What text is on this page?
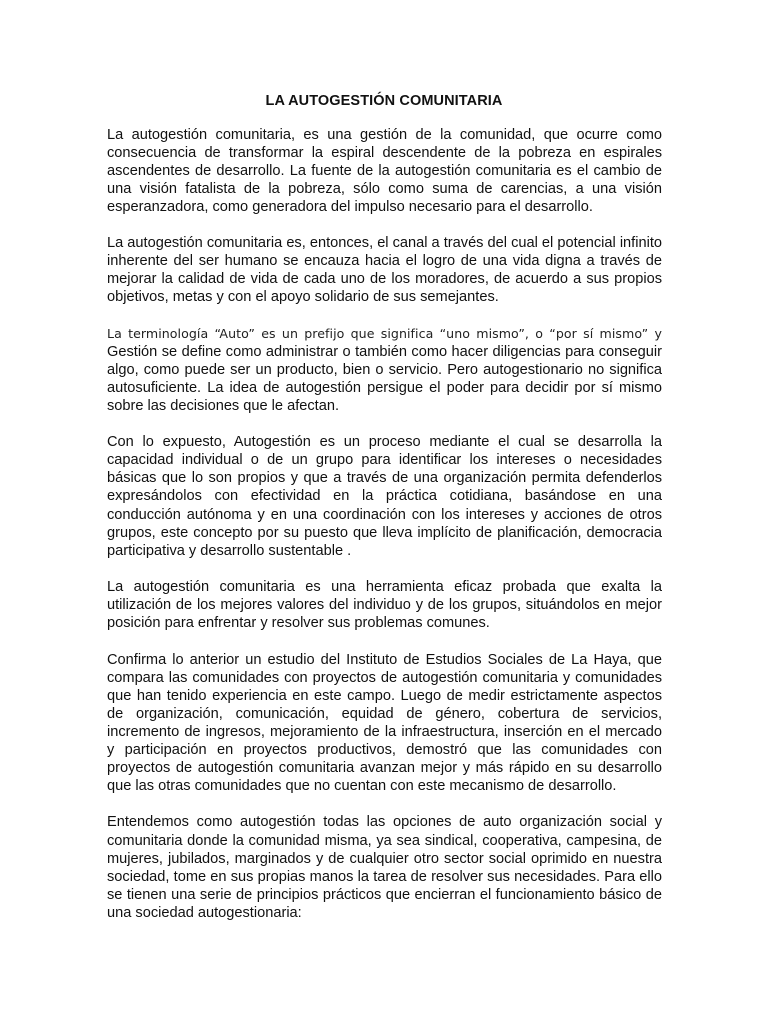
LA AUTOGESTIÓN COMUNITARIA

La autogestión comunitaria, es una gestión de la comunidad, que ocurre como consecuencia de transformar la espiral descendente de la pobreza en espirales ascendentes de desarrollo. La fuente de la autogestión comunitaria es el cambio de una visión fatalista de la pobreza, sólo como suma de carencias, a una visión esperanzadora, como generadora del impulso necesario para el desarrollo.

La autogestión comunitaria es, entonces, el canal a través del cual el potencial infinito inherente del ser humano se encauza hacia el logro de una vida digna a través de mejorar la calidad de vida de cada uno de los moradores, de acuerdo a sus propios objetivos, metas y con el apoyo solidario de sus semejantes.

La terminología “Auto” es un prefijo que significa “uno mismo”, o “por sí mismo” y Gestión se define como administrar o también como hacer diligencias para conseguir algo, como puede ser un producto, bien o servicio. Pero autogestionario no significa autosuficiente. La idea de autogestión persigue el poder para decidir por sí mismo sobre las decisiones que le afectan.

Con lo expuesto, Autogestión es un proceso mediante el cual se desarrolla la capacidad individual o de un grupo para identificar los intereses o necesidades básicas que lo son propios y que a través de una organización permita defenderlos expresándolos con efectividad en la práctica cotidiana, basándose en una conducción autónoma y en una coordinación con los intereses y acciones de otros grupos, este concepto por su puesto que lleva implícito de planificación, democracia participativa y desarrollo sustentable .

La autogestión comunitaria es una herramienta eficaz probada que exalta la utilización de los mejores valores del individuo y de los grupos, situándolos en mejor posición para enfrentar y resolver sus problemas comunes.

Confirma lo anterior un estudio del Instituto de Estudios Sociales de La Haya, que compara las comunidades con proyectos de autogestión comunitaria y comunidades que han tenido experiencia en este campo. Luego de medir estrictamente aspectos de organización, comunicación, equidad de género, cobertura de servicios, incremento de ingresos, mejoramiento de la infraestructura, inserción en el mercado y participación en proyectos productivos, demostró que las comunidades con proyectos de autogestión comunitaria avanzan mejor y más rápido en su desarrollo que las otras comunidades que no cuentan con este mecanismo de desarrollo.

Entendemos como autogestión todas las opciones de auto organización social y comunitaria donde la comunidad misma, ya sea sindical, cooperativa, campesina, de mujeres, jubilados, marginados y de cualquier otro sector social oprimido en nuestra sociedad, tome en sus propias manos la tarea de resolver sus necesidades. Para ello se tienen una serie de principios prácticos que encierran el funcionamiento básico de una sociedad autogestionaria:
